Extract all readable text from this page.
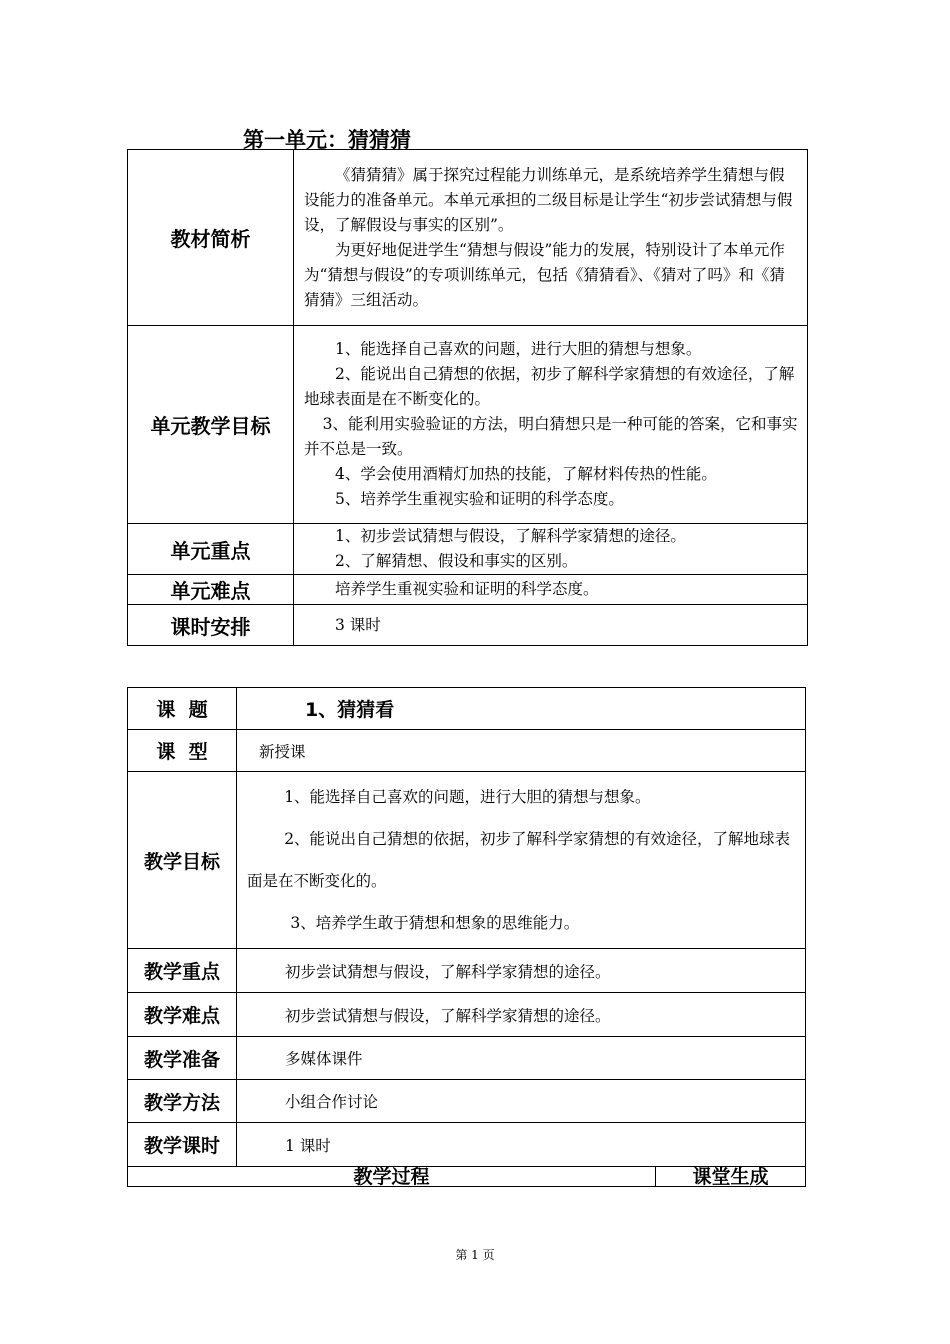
第一单元：猜猜猜
教材简析	《猜猜猜》属于探究过程能力训练单元，是系统培养学生猜想与假设能力的准备单元。本单元承担的二级目标是让学生“初步尝试猜想与假设，了解假设与事实的区别”。

为更好地促进学生“猜想与假设”能力的发展，特别设计了本单元作为“猜想与假设”的专项训练单元，包括《猜猜看》、《猜对了吗》和《猜猜猜》三组活动。

单元教学目标	1、能选择自己喜欢的问题，进行大胆的猜想与想象。

2、能说出自己猜想的依据，初步了解科学家猜想的有效途径，了解地球表面是在不断变化的。

3、能利用实验验证的方法，明白猜想只是一种可能的答案，它和事实并不总是一致。

4、学会使用酒精灯加热的技能，了解材料传热的性能。

5、培养学生重视实验和证明的科学态度。

单元重点	1、初步尝试猜想与假设，了解科学家猜想的途径。

2、了解猜想、假设和事实的区别。

单元难点	培养学生重视实验和证明的科学态度。

课时安排	3 课时

课  题	1、猜猜看	
课  型	新授课	
教学目标	1、能选择自己喜欢的问题，进行大胆的猜想与想象。

2、能说出自己猜想的依据，初步了解科学家猜想的有效途径，了解地球表面是在不断变化的。

3、培养学生敢于猜想和想象的思维能力。	

教学重点	初步尝试猜想与假设，了解科学家猜想的途径。	
教学难点	初步尝试猜想与假设，了解科学家猜想的途径。	
教学准备	多媒体课件	
教学方法	小组合作讨论	
教学课时	1 课时	
教学过程		课堂生成
第 1 页
